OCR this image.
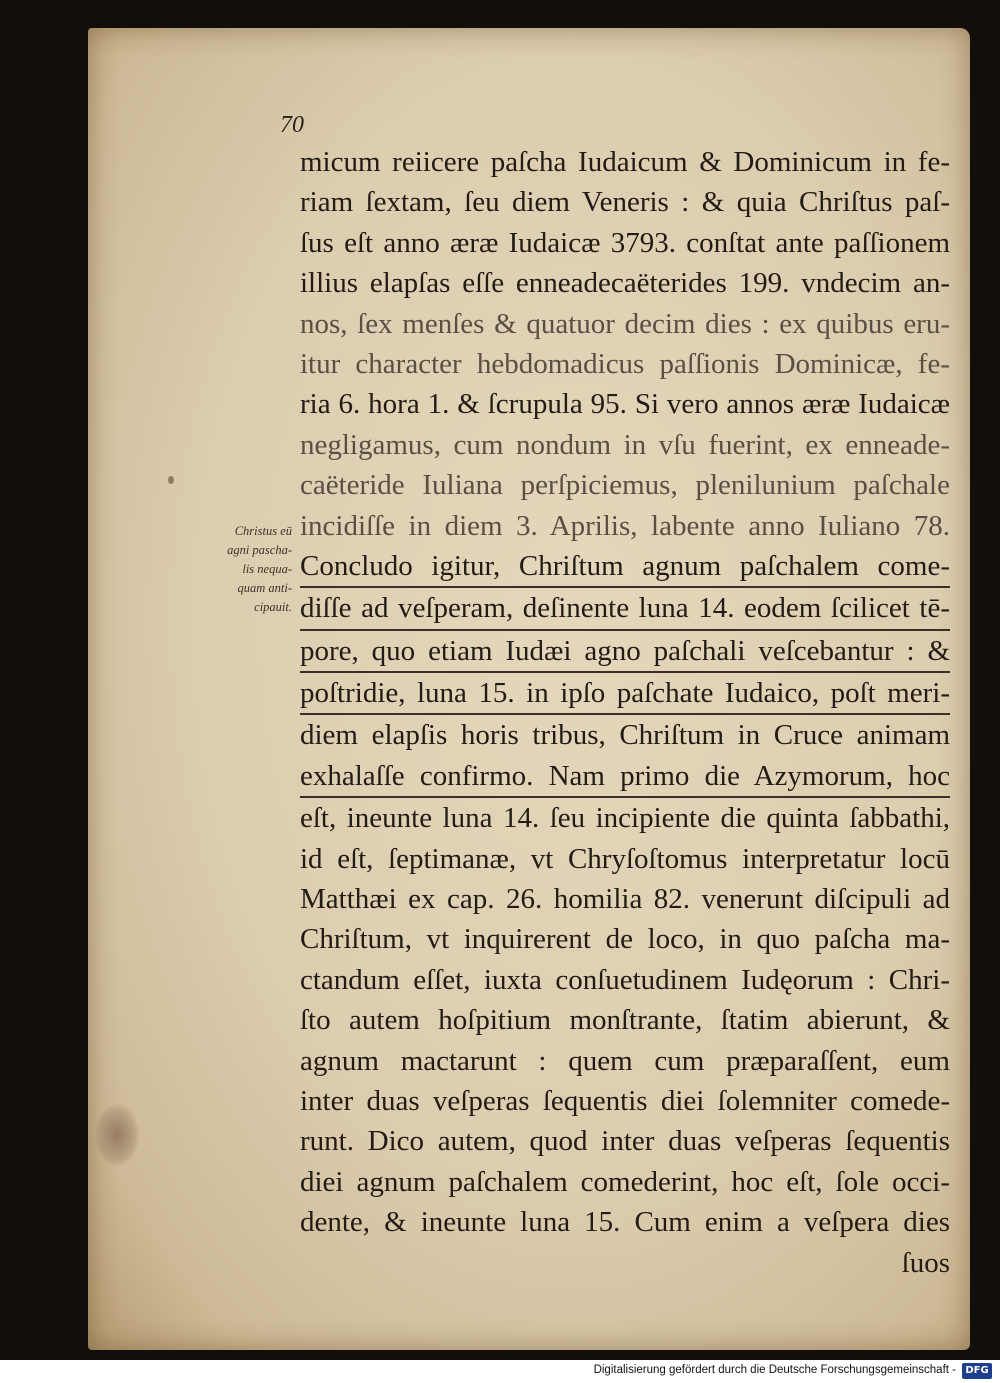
70
Christus eū
agni pascha-
lis nequa-
quam anti-
cipauit.
micum reiicere paſcha Iudaicum & Dominicum in fe-
riam ſextam, ſeu diem Veneris : & quia Chriſtus paſ-
ſus eſt anno æræ Iudaicæ 3793. conſtat ante paſſionem
illius elapſas eſſe enneadecaëterides 199. vndecim an-
nos, ſex menſes & quatuor decim dies : ex quibus eru-
itur character hebdomadicus paſſionis Dominicæ, fe-
ria 6. hora 1. & ſcrupula 95. Si vero annos æræ Iudaicæ
negligamus, cum nondum in vſu fuerint, ex enneade-
caëteride Iuliana perſpiciemus, plenilunium paſchale
incidiſſe in diem 3. Aprilis, labente anno Iuliano 78.
Concludo igitur, Chriſtum agnum paſchalem come-
diſſe ad veſperam, deſinente luna 14. eodem ſcilicet tē-
pore, quo etiam Iudæi agno paſchali veſcebantur : &
poſtridie, luna 15. in ipſo paſchate Iudaico, poſt meri-
diem elapſis horis tribus, Chriſtum in Cruce animam
exhalaſſe confirmo. Nam primo die Azymorum, hoc
eſt, ineunte luna 14. ſeu incipiente die quinta ſabbathi,
id eſt, ſeptimanæ, vt Chryſoſtomus interpretatur locū
Matthæi ex cap. 26. homilia 82. venerunt diſcipuli ad
Chriſtum, vt inquirerent de loco, in quo paſcha ma-
ctandum eſſet, iuxta conſuetudinem Iudęorum : Chri-
ſto autem hoſpitium monſtrante, ſtatim abierunt, &
agnum mactarunt : quem cum præparaſſent, eum
inter duas veſperas ſequentis diei ſolemniter comede-
runt. Dico autem, quod inter duas veſperas ſequentis
diei agnum paſchalem comederint, hoc eſt, ſole occi-
dente, & ineunte luna 15. Cum enim a veſpera dies
ſuos
Digitalisierung gefördert durch die Deutsche Forschungsgemeinschaft - DFG
